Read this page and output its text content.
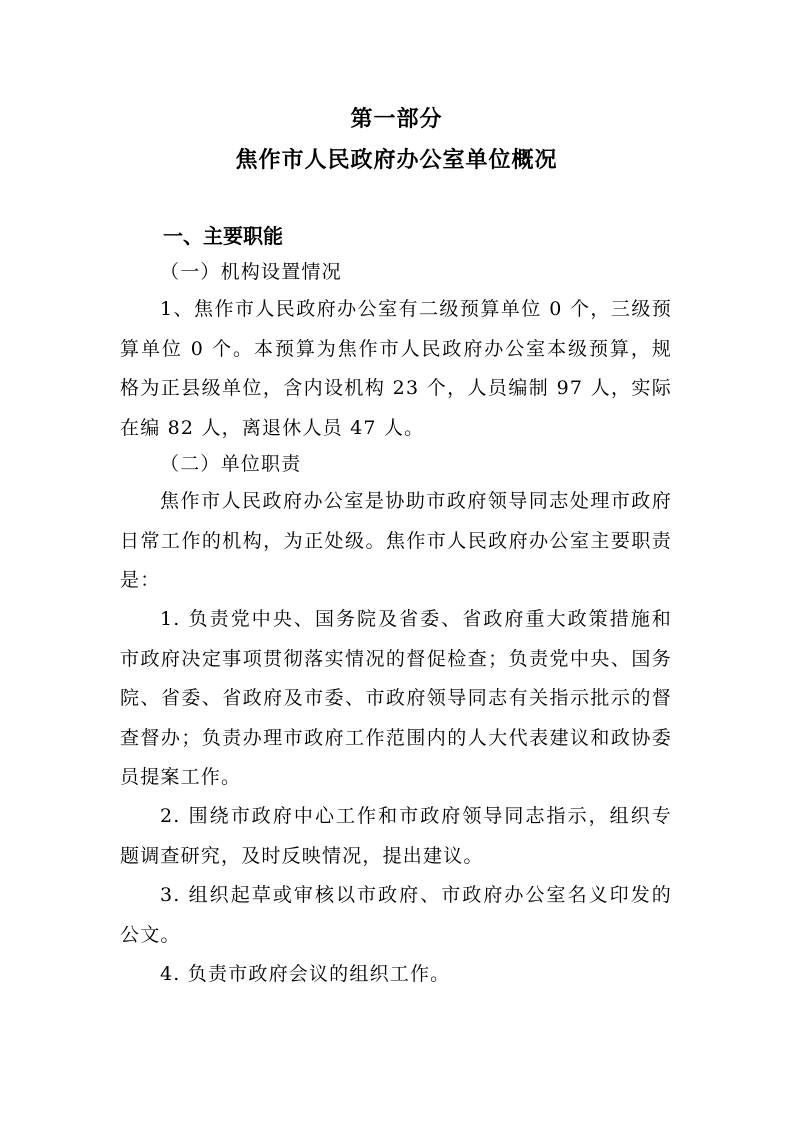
第一部分
焦作市人民政府办公室单位概况
一、主要职能

（一）机构设置情况

1、焦作市人民政府办公室有二级预算单位 0 个，三级预算单位 0 个。本预算为焦作市人民政府办公室本级预算，规格为正县级单位，含内设机构 23 个，人员编制 97 人，实际在编 82 人，离退休人员 47 人。

（二）单位职责

焦作市人民政府办公室是协助市政府领导同志处理市政府日常工作的机构，为正处级。焦作市人民政府办公室主要职责是：

1. 负责党中央、国务院及省委、省政府重大政策措施和市政府决定事项贯彻落实情况的督促检查；负责党中央、国务院、省委、省政府及市委、市政府领导同志有关指示批示的督查督办；负责办理市政府工作范围内的人大代表建议和政协委员提案工作。

2. 围绕市政府中心工作和市政府领导同志指示，组织专题调查研究，及时反映情况，提出建议。

3. 组织起草或审核以市政府、市政府办公室名义印发的公文。

4. 负责市政府会议的组织工作。
